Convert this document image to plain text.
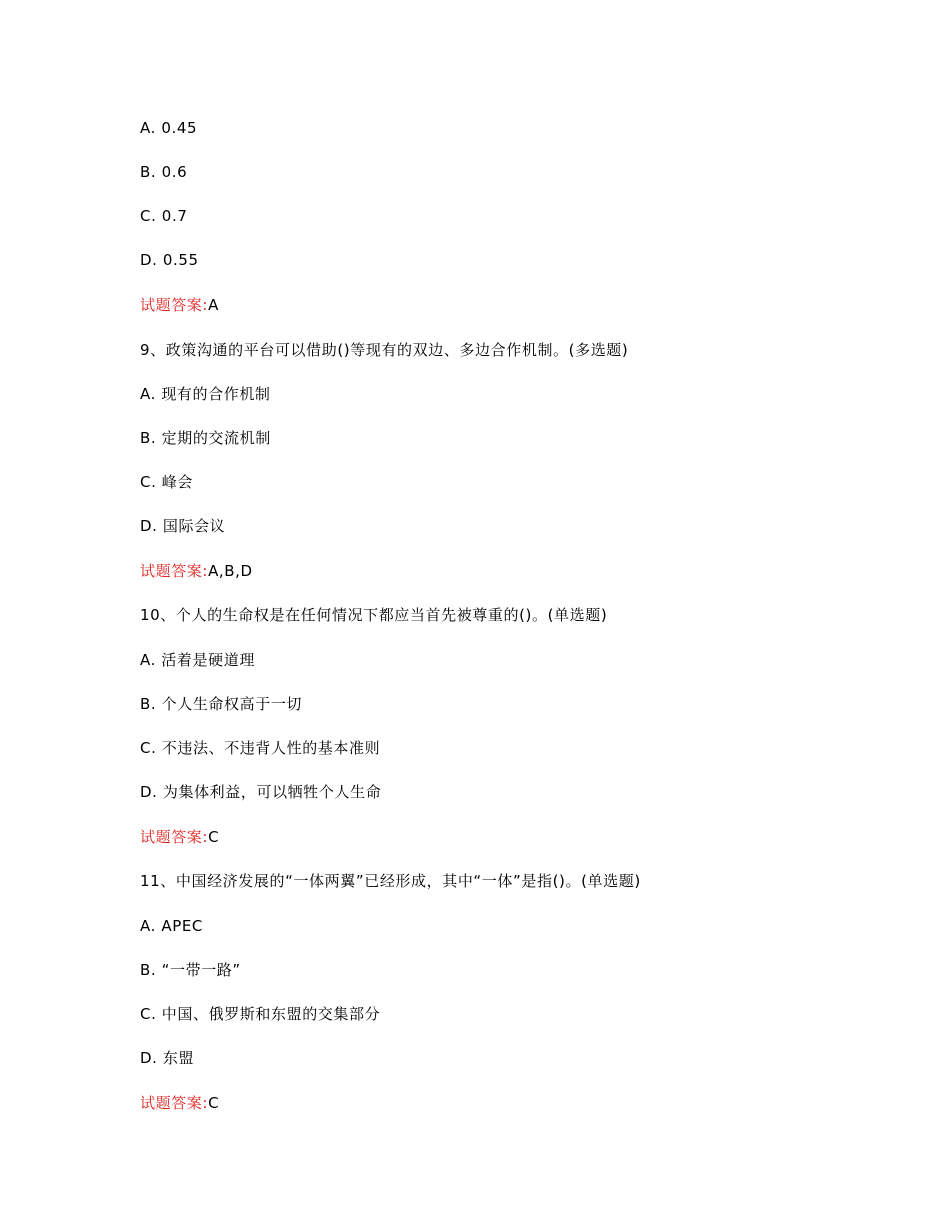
A. 0.45
B. 0.6
C. 0.7
D. 0.55
试题答案:A
9、政策沟通的平台可以借助()等现有的双边、多边合作机制。(多选题)
A. 现有的合作机制
B. 定期的交流机制
C. 峰会
D. 国际会议
试题答案:A,B,D
10、个人的生命权是在任何情况下都应当首先被尊重的()。(单选题)
A. 活着是硬道理
B. 个人生命权高于一切
C. 不违法、不违背人性的基本准则
D. 为集体利益，可以牺牲个人生命
试题答案:C
11、中国经济发展的“一体两翼”已经形成，其中“一体”是指()。(单选题)
A. APEC
B. “一带一路”
C. 中国、俄罗斯和东盟的交集部分
D. 东盟
试题答案:C
